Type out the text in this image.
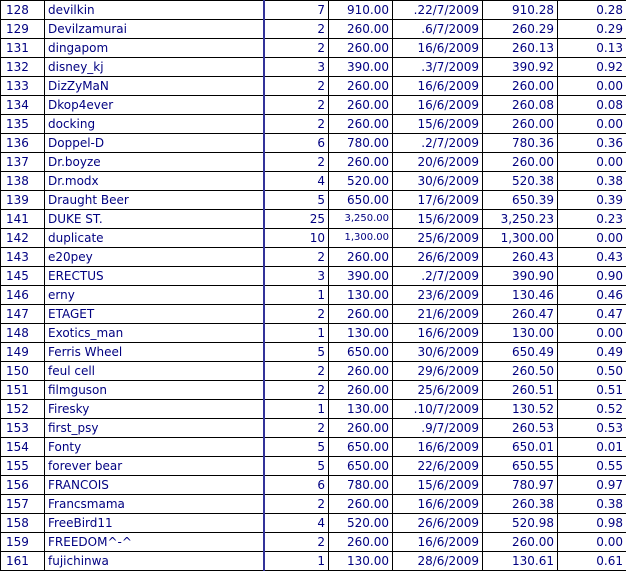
128	devilkin	7	910.00	.22/7/2009	910.28	0.28
129	Devilzamurai	2	260.00	.6/7/2009	260.29	0.29
131	dingapom	2	260.00	16/6/2009	260.13	0.13
132	disney_kj	3	390.00	.3/7/2009	390.92	0.92
133	DizZyMaN	2	260.00	16/6/2009	260.00	0.00
134	Dkop4ever	2	260.00	16/6/2009	260.08	0.08
135	docking	2	260.00	15/6/2009	260.00	0.00
136	Doppel-D	6	780.00	.2/7/2009	780.36	0.36
137	Dr.boyze	2	260.00	20/6/2009	260.00	0.00
138	Dr.modx	4	520.00	30/6/2009	520.38	0.38
139	Draught Beer	5	650.00	17/6/2009	650.39	0.39
141	DUKE ST.	25	3,250.00	15/6/2009	3,250.23	0.23
142	duplicate	10	1,300.00	25/6/2009	1,300.00	0.00
143	e20pey	2	260.00	26/6/2009	260.43	0.43
145	ERECTUS	3	390.00	.2/7/2009	390.90	0.90
146	erny	1	130.00	23/6/2009	130.46	0.46
147	ETAGET	2	260.00	21/6/2009	260.47	0.47
148	Exotics_man	1	130.00	16/6/2009	130.00	0.00
149	Ferris Wheel	5	650.00	30/6/2009	650.49	0.49
150	feul cell	2	260.00	29/6/2009	260.50	0.50
151	filmguson	2	260.00	25/6/2009	260.51	0.51
152	Firesky	1	130.00	.10/7/2009	130.52	0.52
153	first_psy	2	260.00	.9/7/2009	260.53	0.53
154	Fonty	5	650.00	16/6/2009	650.01	0.01
155	forever bear	5	650.00	22/6/2009	650.55	0.55
156	FRANCOIS	6	780.00	15/6/2009	780.97	0.97
157	Francsmama	2	260.00	16/6/2009	260.38	0.38
158	FreeBird11	4	520.00	26/6/2009	520.98	0.98
159	FREEDOM^-^	2	260.00	16/6/2009	260.00	0.00
161	fujichinwa	1	130.00	28/6/2009	130.61	0.61
